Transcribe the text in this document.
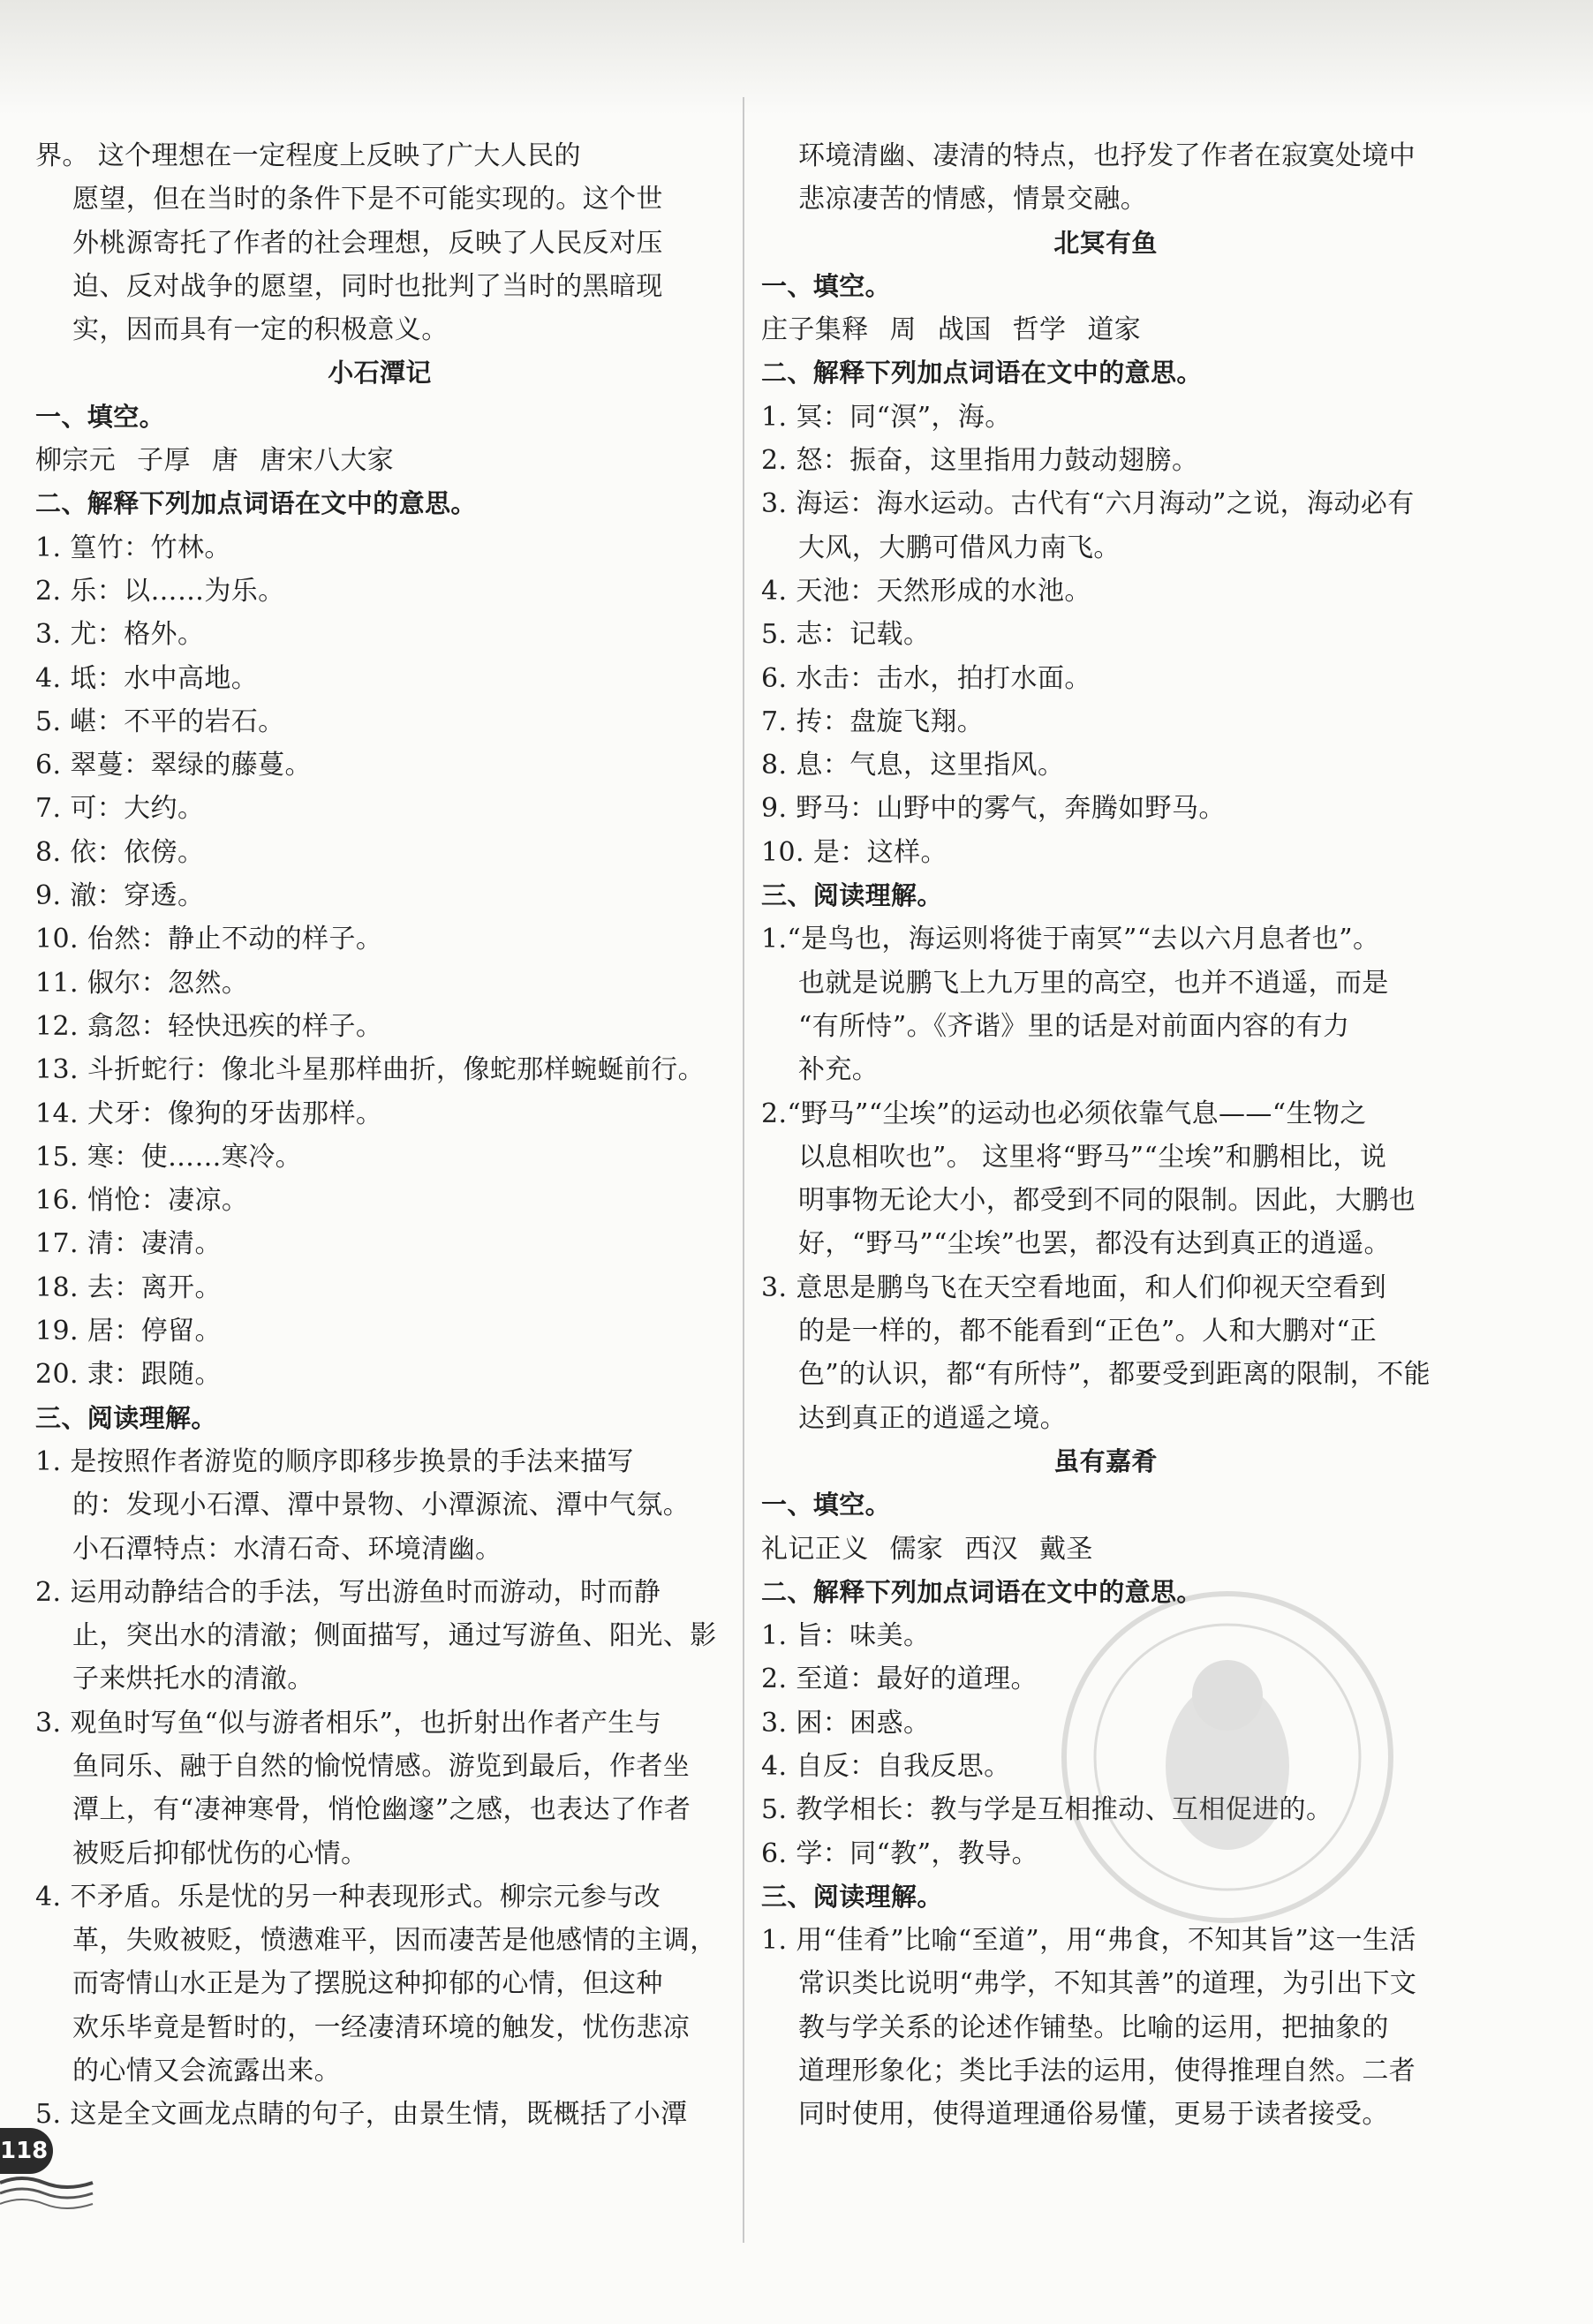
界。 这个理想在一定程度上反映了广大人民的
愿望，但在当时的条件下是不可能实现的。这个世
外桃源寄托了作者的社会理想，反映了人民反对压
迫、反对战争的愿望，同时也批判了当时的黑暗现
实，因而具有一定的积极意义。
小石潭记
一、填空。
柳宗元 子厚 唐 唐宋八大家
二、解释下列加点词语在文中的意思。
1. 篁竹：竹林。
2. 乐：以……为乐。
3. 尤：格外。
4. 坻：水中高地。
5. 嵁：不平的岩石。
6. 翠蔓：翠绿的藤蔓。
7. 可：大约。
8. 依：依傍。
9. 澈：穿透。
10. 佁然：静止不动的样子。
11. 俶尔：忽然。
12. 翕忽：轻快迅疾的样子。
13. 斗折蛇行：像北斗星那样曲折，像蛇那样蜿蜒前行。
14. 犬牙：像狗的牙齿那样。
15. 寒：使……寒冷。
16. 悄怆：凄凉。
17. 清：凄清。
18. 去：离开。
19. 居：停留。
20. 隶：跟随。
三、阅读理解。
1. 是按照作者游览的顺序即移步换景的手法来描写
的：发现小石潭、潭中景物、小潭源流、潭中气氛。
小石潭特点：水清石奇、环境清幽。
2. 运用动静结合的手法，写出游鱼时而游动，时而静
止，突出水的清澈；侧面描写，通过写游鱼、阳光、影
子来烘托水的清澈。
3. 观鱼时写鱼“似与游者相乐”，也折射出作者产生与
鱼同乐、融于自然的愉悦情感。游览到最后，作者坐
潭上，有“凄神寒骨，悄怆幽邃”之感，也表达了作者
被贬后抑郁忧伤的心情。
4. 不矛盾。乐是忧的另一种表现形式。柳宗元参与改
革，失败被贬，愤懑难平，因而凄苦是他感情的主调，
而寄情山水正是为了摆脱这种抑郁的心情，但这种
欢乐毕竟是暂时的，一经凄清环境的触发，忧伤悲凉
的心情又会流露出来。
5. 这是全文画龙点睛的句子，由景生情，既概括了小潭
环境清幽、凄清的特点，也抒发了作者在寂寞处境中
悲凉凄苦的情感，情景交融。
北冥有鱼
一、填空。
庄子集释 周 战国 哲学 道家
二、解释下列加点词语在文中的意思。
1. 冥：同“溟”，海。
2. 怒：振奋，这里指用力鼓动翅膀。
3. 海运：海水运动。古代有“六月海动”之说，海动必有
大风，大鹏可借风力南飞。
4. 天池：天然形成的水池。
5. 志：记载。
6. 水击：击水，拍打水面。
7. 抟：盘旋飞翔。
8. 息：气息，这里指风。
9. 野马：山野中的雾气，奔腾如野马。
10. 是：这样。
三、阅读理解。
1.“是鸟也，海运则将徙于南冥”“去以六月息者也”。
也就是说鹏飞上九万里的高空，也并不逍遥，而是
“有所恃”。《齐谐》里的话是对前面内容的有力
补充。
2.“野马”“尘埃”的运动也必须依靠气息——“生物之
以息相吹也”。 这里将“野马”“尘埃”和鹏相比，说
明事物无论大小，都受到不同的限制。因此，大鹏也
好，“野马”“尘埃”也罢，都没有达到真正的逍遥。
3. 意思是鹏鸟飞在天空看地面，和人们仰视天空看到
的是一样的，都不能看到“正色”。人和大鹏对“正
色”的认识，都“有所恃”，都要受到距离的限制，不能
达到真正的逍遥之境。
虽有嘉肴
一、填空。
礼记正义 儒家 西汉 戴圣
二、解释下列加点词语在文中的意思。
1. 旨：味美。
2. 至道：最好的道理。
3. 困：困惑。
4. 自反：自我反思。
5. 教学相长：教与学是互相推动、互相促进的。
6. 学：同“教”，教导。
三、阅读理解。
1. 用“佳肴”比喻“至道”，用“弗食，不知其旨”这一生活
常识类比说明“弗学，不知其善”的道理，为引出下文
教与学关系的论述作铺垫。比喻的运用，把抽象的
道理形象化；类比手法的运用，使得推理自然。二者
同时使用，使得道理通俗易懂，更易于读者接受。
118
